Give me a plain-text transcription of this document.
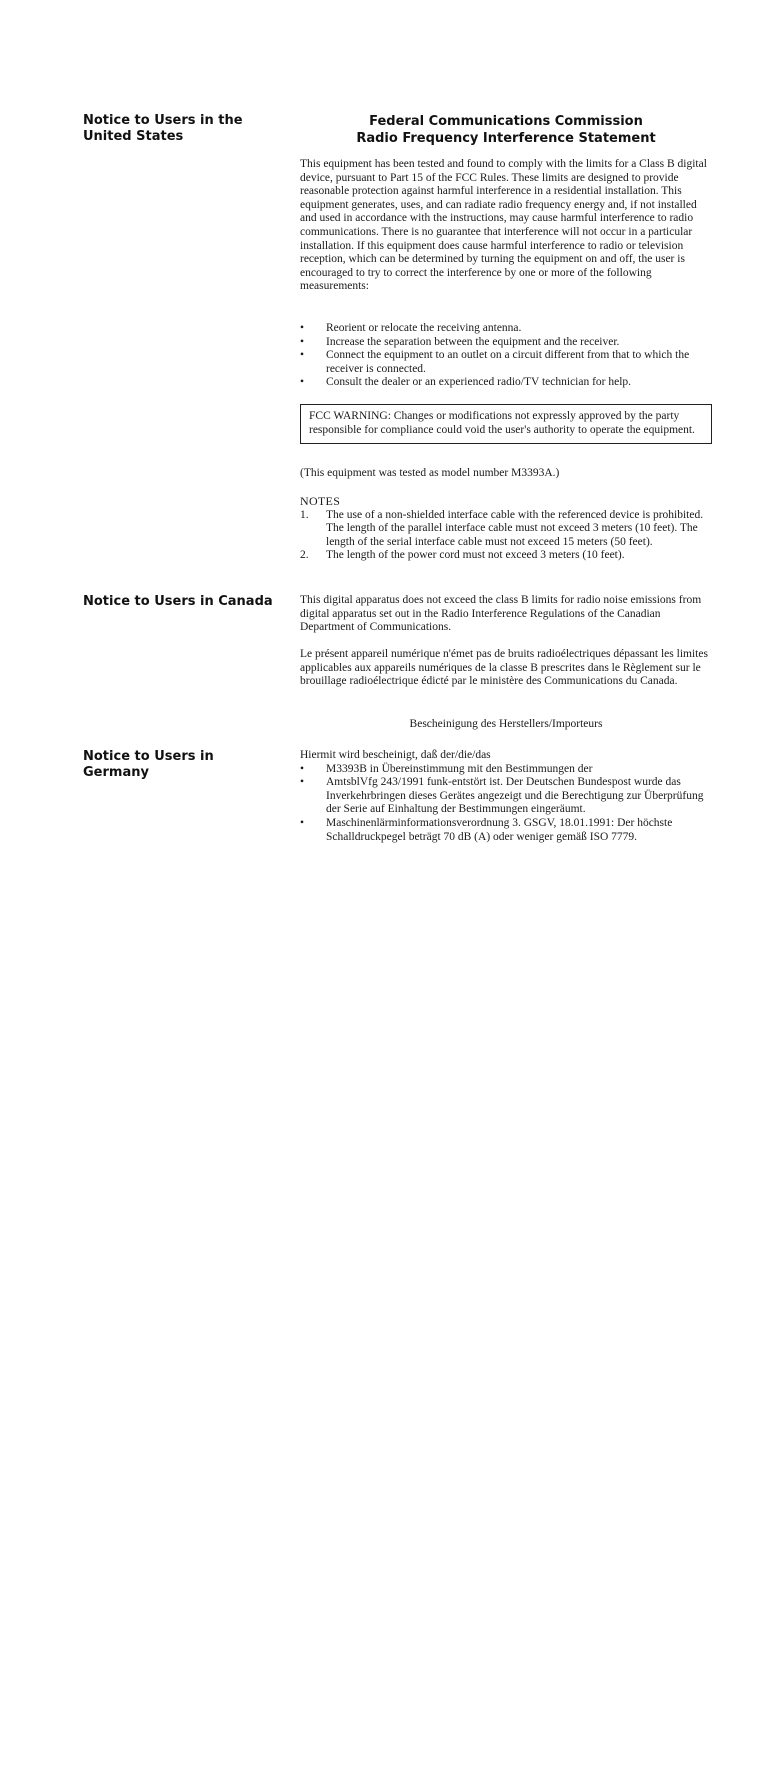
Notice to Users in the United States
Federal Communications Commission
Radio Frequency Interference Statement

This equipment has been tested and found to comply with the limits for a Class B digital device, pursuant to Part 15 of the FCC Rules. These limits are designed to provide reasonable protection against harmful interference in a residential installation. This equipment generates, uses, and can radiate radio frequency energy and, if not installed and used in accordance with the instructions, may cause harmful interference to radio communications. There is no guarantee that interference will not occur in a particular installation. If this equipment does cause harmful interference to radio or television reception, which can be determined by turning the equipment on and off, the user is encouraged to try to correct the interference by one or more of the following measurements:

• Reorient or relocate the receiving antenna.
• Increase the separation between the equipment and the receiver.
• Connect the equipment to an outlet on a circuit different from that to which the receiver is connected.
• Consult the dealer or an experienced radio/TV technician for help.

FCC WARNING: Changes or modifications not expressly approved by the party responsible for compliance could void the user's authority to operate the equipment.

(This equipment was tested as model number M3393A.)

NOTES
1. The use of a non-shielded interface cable with the referenced device is prohibited. The length of the parallel interface cable must not exceed 3 meters (10 feet). The length of the serial interface cable must not exceed 15 meters (50 feet).
2. The length of the power cord must not exceed 3 meters (10 feet).
Notice to Users in Canada	This digital apparatus does not exceed the class B limits for radio noise emissions from digital apparatus set out in the Radio Interference Regulations of the Canadian Department of Communications.

Le présent appareil numérique n'émet pas de bruits radioélectriques dépassant les limites applicables aux appareils numériques de la classe B prescrites dans le Règlement sur le brouillage radioélectrique édicté par le ministère des Communications du Canada.

Bescheinigung des Herstellers/Importeurs
Notice to Users in Germany

Hiermit wird bescheinigt, daß der/die/das

• M3393B in Übereinstimmung mit den Bestimmungen der
• AmtsblVfg 243/1991 funk-entstört ist. Der Deutschen Bundespost wurde das Inverkehrbringen dieses Gerätes angezeigt und die Berechtigung zur Überprüfung der Serie auf Einhaltung der Bestimmungen eingeräumt.
• Maschinenlärminformationsverordnung 3. GSGV, 18.01.1991: Der höchste Schalldruckpegel beträgt 70 dB (A) oder weniger gemäß ISO 7779.
